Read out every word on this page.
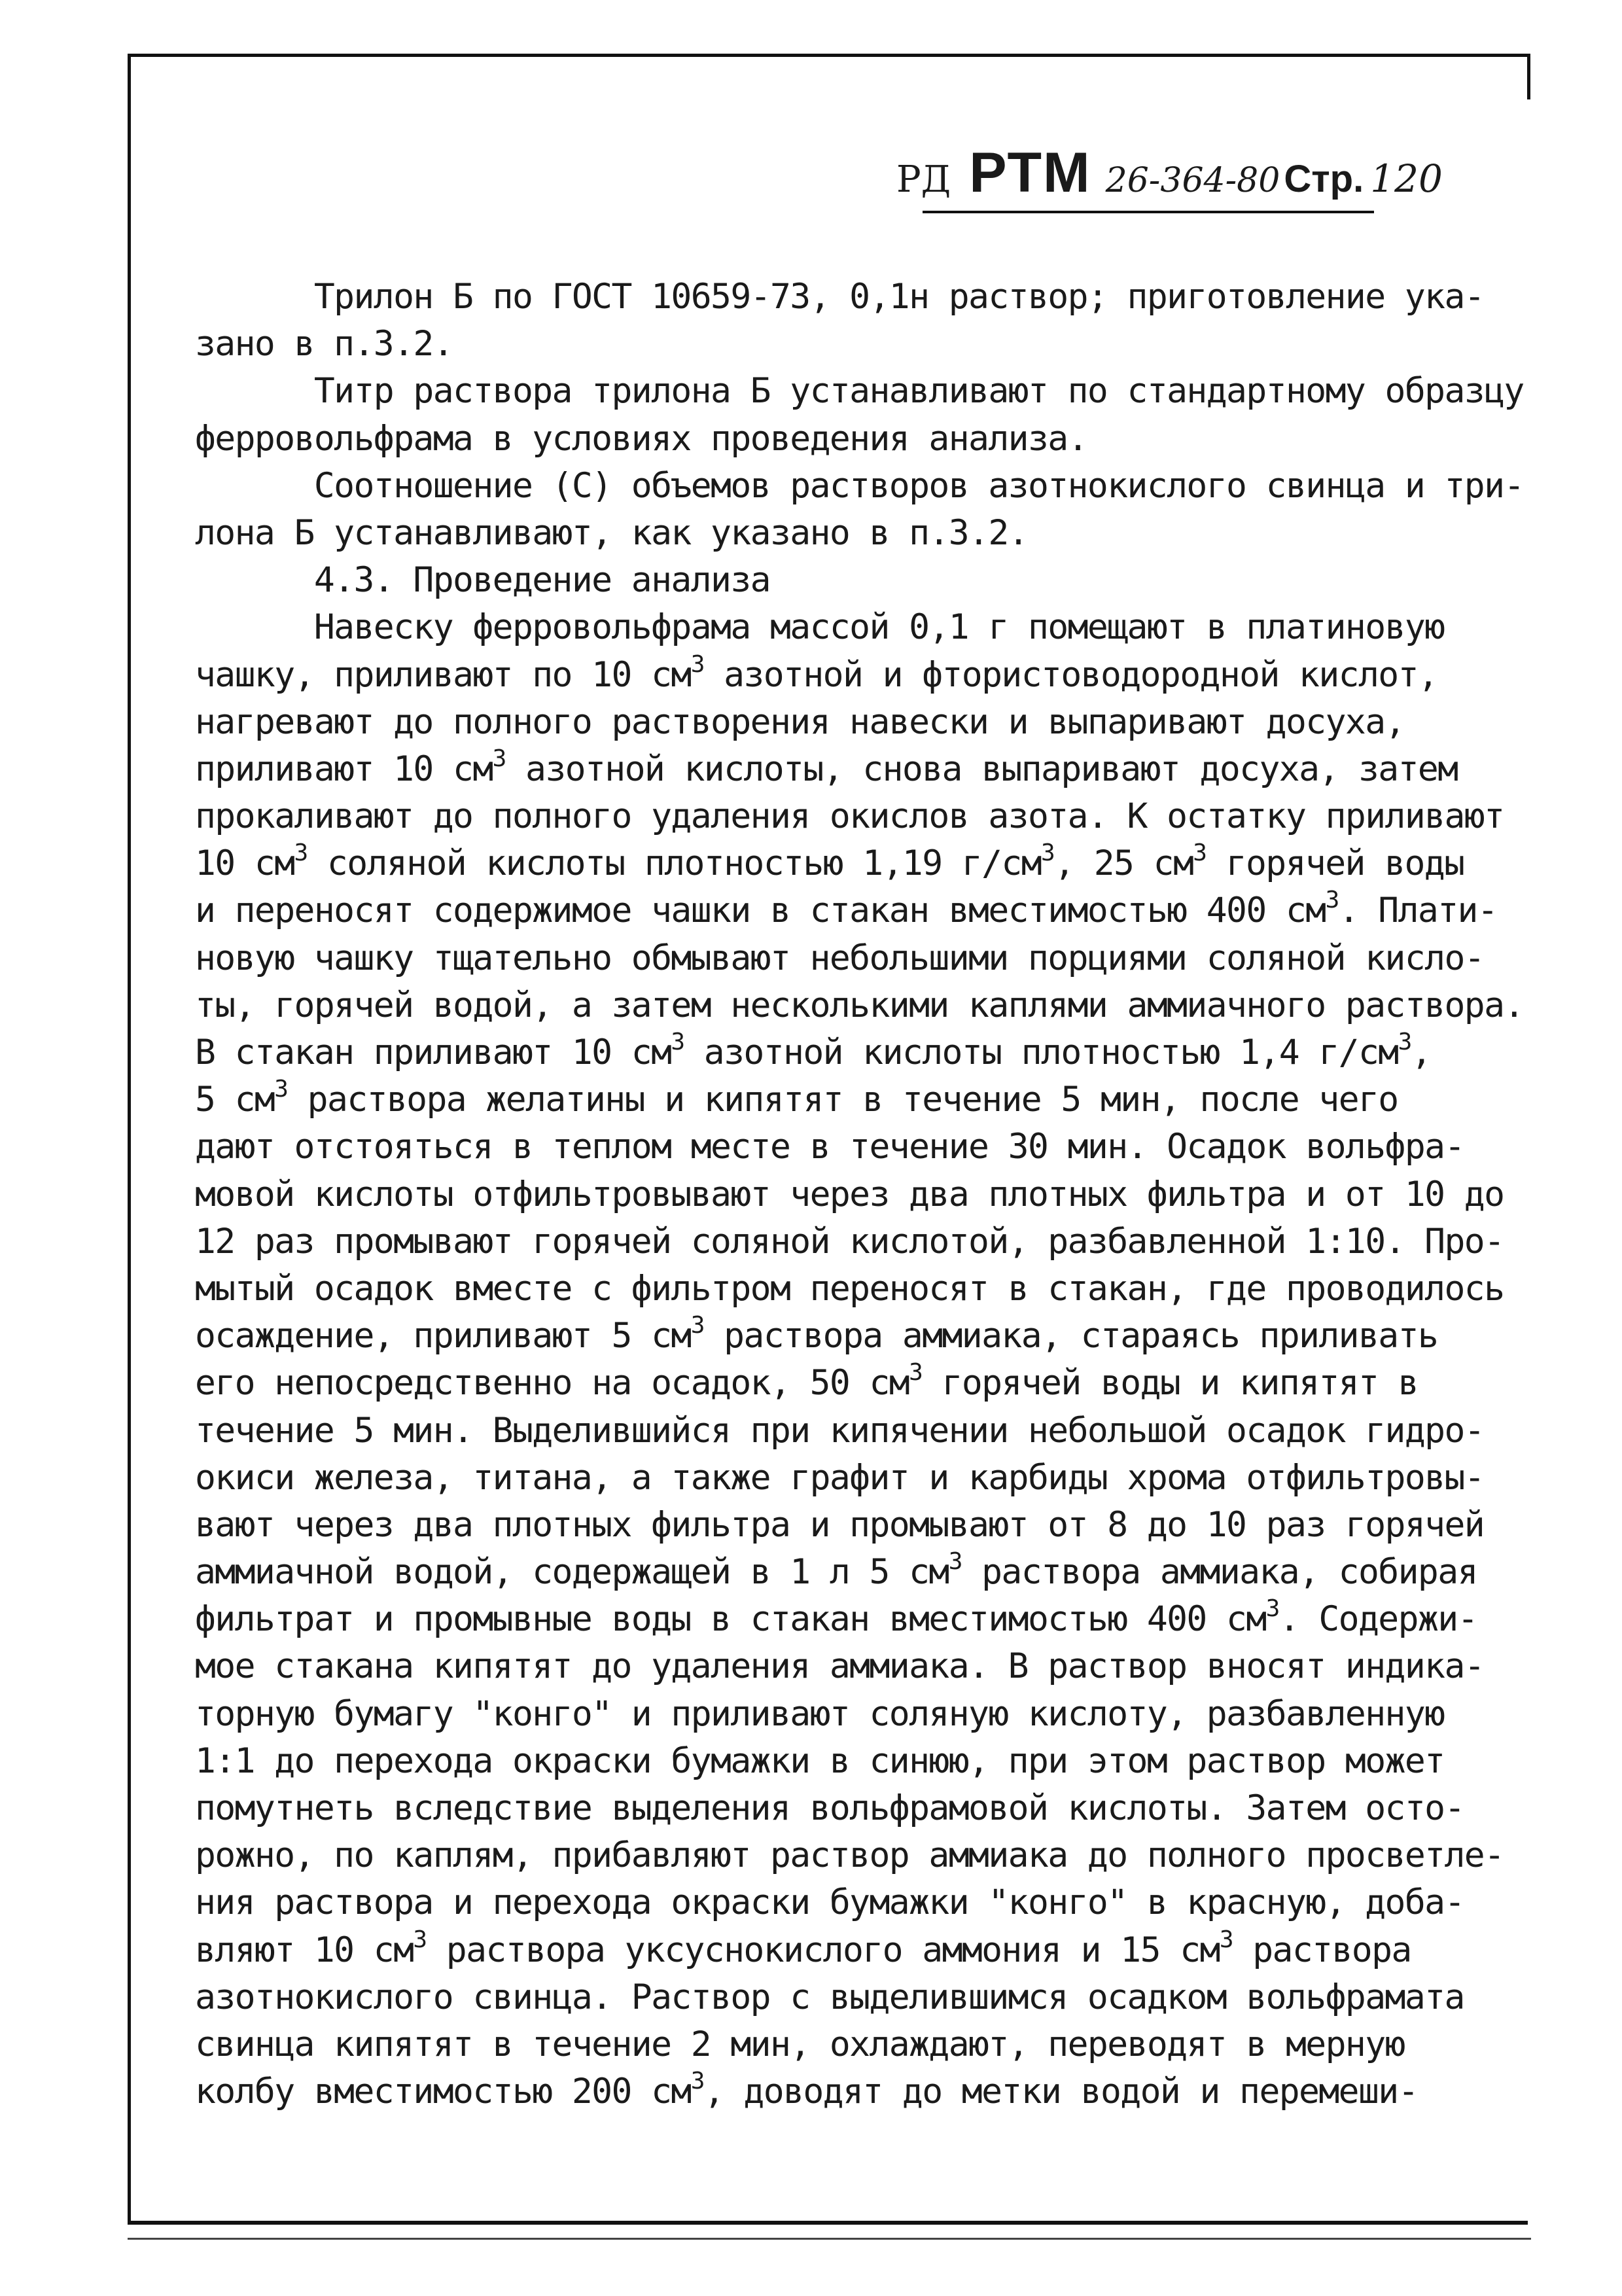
РД РТМ 26-364-80 Стр. 120
Трилон Б по ГОСТ 10659-73, 0,1н раствор; приготовление ука-
зано в п.3.2.
Титр раствора трилона Б устанавливают по стандартному образцу
ферровольфрама в условиях проведения анализа.
Соотношение (С) объемов растворов азотнокислого свинца и три-
лона Б устанавливают, как указано в п.3.2.
4.3. Проведение анализа
Навеску ферровольфрама массой 0,1 г помещают в платиновую
чашку, приливают по 10 $см^3$ азотной и фтористоводородной кислот,
нагревают до полного растворения навески и выпаривают досуха,
приливают 10 $см^3$ азотной кислоты, снова выпаривают досуха, затем
прокаливают до полного удаления окислов азота. К остатку приливают
10 $см^3$ соляной кислоты плотностью 1,19 $г/см^3$, 25 $см^3$ горячей воды
и переносят содержимое чашки в стакан вместимостью 400 $см^3$. Плати-
новую чашку тщательно обмывают небольшими порциями соляной кисло-
ты, горячей водой, а затем несколькими каплями аммиачного раствора.
В стакан приливают 10 $см^3$ азотной кислоты плотностью 1,4 $г/см^3$,
5 $см^3$ раствора желатины и кипятят в течение 5 мин, после чего
дают отстояться в теплом месте в течение 30 мин. Осадок вольфра-
мовой кислоты отфильтровывают через два плотных фильтра и от 10 до
12 раз промывают горячей соляной кислотой, разбавленной 1:10. Про-
мытый осадок вместе с фильтром переносят в стакан, где проводилось
осаждение, приливают 5 $см^3$ раствора аммиака, стараясь приливать
его непосредственно на осадок, 50 $см^3$ горячей воды и кипятят в
течение 5 мин. Выделившийся при кипячении небольшой осадок гидро-
окиси железа, титана, а также графит и карбиды хрома отфильтровы-
вают через два плотных фильтра и промывают от 8 до 10 раз горячей
аммиачной водой, содержащей в 1 л 5 $см^3$ раствора аммиака, собирая
фильтрат и промывные воды в стакан вместимостью 400 $см^3$. Содержи-
мое стакана кипятят до удаления аммиака. В раствор вносят индика-
торную бумагу "конго" и приливают соляную кислоту, разбавленную
1:1 до перехода окраски бумажки в синюю, при этом раствор может
помутнеть вследствие выделения вольфрамовой кислоты. Затем осто-
рожно, по каплям, прибавляют раствор аммиака до полного просветле-
ния раствора и перехода окраски бумажки "конго" в красную, доба-
вляют 10 $см^3$ раствора уксуснокислого аммония и 15 $см^3$ раствора
азотнокислого свинца. Раствор с выделившимся осадком вольфрамата
свинца кипятят в течение 2 мин, охлаждают, переводят в мерную
колбу вместимостью 200 $см^3$, доводят до метки водой и перемеши-
